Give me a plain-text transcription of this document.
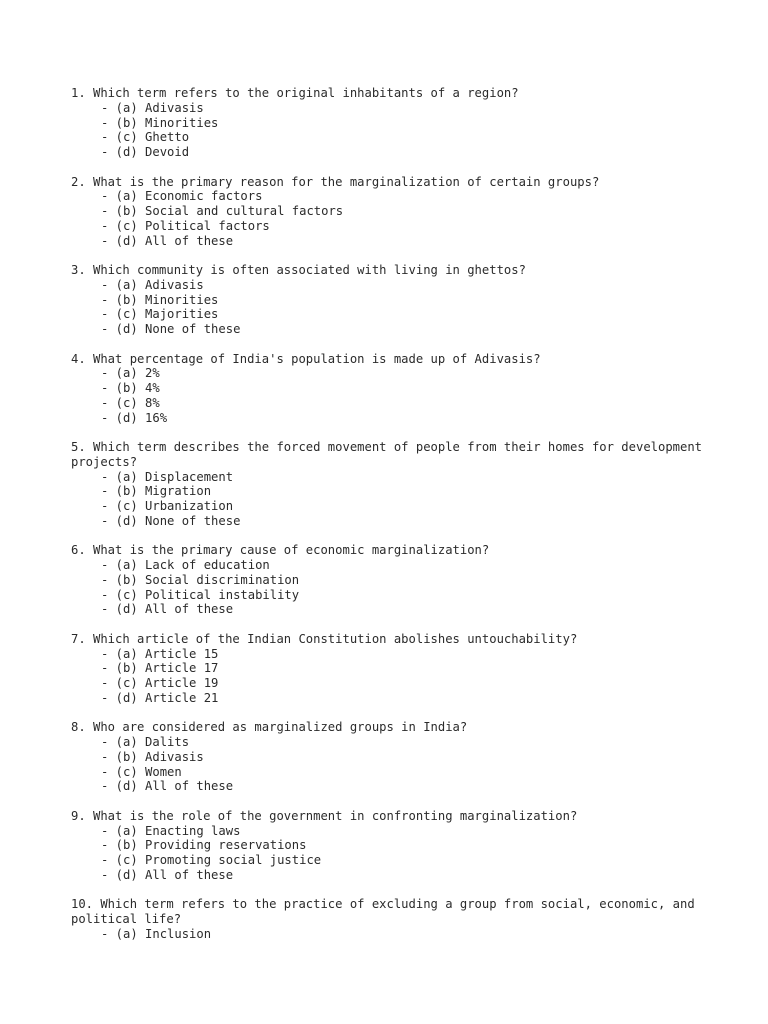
1. Which term refers to the original inhabitants of a region?

- (a) Adivasis
- (b) Minorities
- (c) Ghetto
- (d) Devoid

2. What is the primary reason for the marginalization of certain groups?

- (a) Economic factors
- (b) Social and cultural factors
- (c) Political factors
- (d) All of these

3. Which community is often associated with living in ghettos?

- (a) Adivasis
- (b) Minorities
- (c) Majorities
- (d) None of these

4. What percentage of India's population is made up of Adivasis?

- (a) 2%
- (b) 4%
- (c) 8%
- (d) 16%

5. Which term describes the forced movement of people from their homes for development projects?

- (a) Displacement
- (b) Migration
- (c) Urbanization
- (d) None of these

6. What is the primary cause of economic marginalization?

- (a) Lack of education
- (b) Social discrimination
- (c) Political instability
- (d) All of these

7. Which article of the Indian Constitution abolishes untouchability?

- (a) Article 15
- (b) Article 17
- (c) Article 19
- (d) Article 21

8. Who are considered as marginalized groups in India?

- (a) Dalits
- (b) Adivasis
- (c) Women
- (d) All of these

9. What is the role of the government in confronting marginalization?

- (a) Enacting laws
- (b) Providing reservations
- (c) Promoting social justice
- (d) All of these

10. Which term refers to the practice of excluding a group from social, economic, and political life?

- (a) Inclusion
